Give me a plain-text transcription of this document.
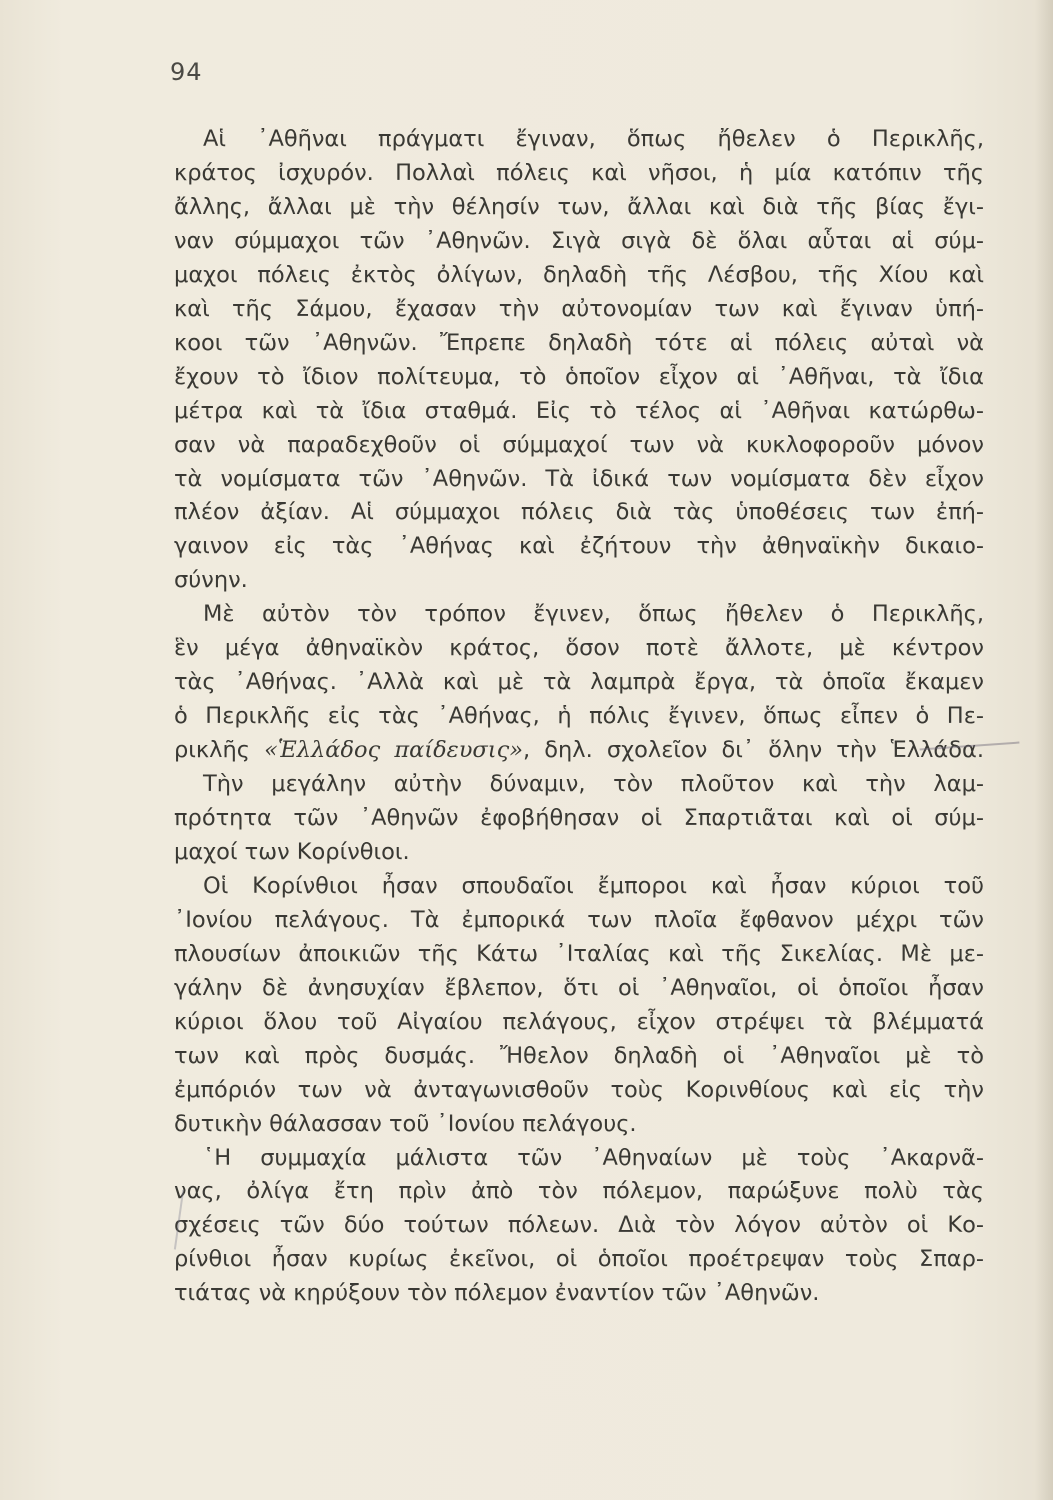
94
Αἱ ᾽Αθῆναι πράγματι ἔγιναν, ὅπως ἤθελεν ὁ Περικλῆς,
κράτος ἰσχυρόν. Πολλαὶ πόλεις καὶ νῆσοι, ἡ μία κατόπιν τῆς
ἄλλης, ἄλλαι μὲ τὴν θέλησίν των, ἄλλαι καὶ διὰ τῆς βίας ἔγι-
ναν σύμμαχοι τῶν ᾽Αθηνῶν. Σιγὰ σιγὰ δὲ ὅλαι αὗται αἱ σύμ-
μαχοι πόλεις ἐκτὸς ὀλίγων, δηλαδὴ τῆς Λέσβου, τῆς Χίου καὶ
καὶ τῆς Σάμου, ἔχασαν τὴν αὐτονομίαν των καὶ ἔγιναν ὑπή-
κοοι τῶν ᾽Αθηνῶν. Ἔπρεπε δηλαδὴ τότε αἱ πόλεις αὐταὶ νὰ
ἔχουν τὸ ἴδιον πολίτευμα, τὸ ὁποῖον εἶχον αἱ ᾽Αθῆναι, τὰ ἴδια
μέτρα καὶ τὰ ἴδια σταθμά. Εἰς τὸ τέλος αἱ ᾽Αθῆναι κατώρθω-
σαν νὰ παραδεχθοῦν οἱ σύμμαχοί των νὰ κυκλοφοροῦν μόνον
τὰ νομίσματα τῶν ᾽Αθηνῶν. Τὰ ἰδικά των νομίσματα δὲν εἶχον
πλέον ἀξίαν. Αἱ σύμμαχοι πόλεις διὰ τὰς ὑποθέσεις των ἐπή-
γαινον εἰς τὰς ᾽Αθήνας καὶ ἐζήτουν τὴν ἀθηναϊκὴν δικαιο-
σύνην.
Μὲ αὐτὸν τὸν τρόπον ἔγινεν, ὅπως ἤθελεν ὁ Περικλῆς,
ἓν μέγα ἀθηναϊκὸν κράτος, ὅσον ποτὲ ἄλλοτε, μὲ κέντρον
τὰς ᾽Αθήνας. ᾽Αλλὰ καὶ μὲ τὰ λαμπρὰ ἔργα, τὰ ὁποῖα ἔκαμεν
ὁ Περικλῆς εἰς τὰς ᾽Αθήνας, ἡ πόλις ἔγινεν, ὅπως εἶπεν ὁ Πε-
ρικλῆς «Ἑλλάδος παίδευσις», δηλ. σχολεῖον δι᾽ ὅλην τὴν Ἑλλάδα.
Τὴν μεγάλην αὐτὴν δύναμιν, τὸν πλοῦτον καὶ τὴν λαμ-
πρότητα τῶν ᾽Αθηνῶν ἐφοβήθησαν οἱ Σπαρτιᾶται καὶ οἱ σύμ-
μαχοί των Κορίνθιοι.
Οἱ Κορίνθιοι ἦσαν σπουδαῖοι ἔμποροι καὶ ἦσαν κύριοι τοῦ
᾽Ιονίου πελάγους. Τὰ ἐμπορικά των πλοῖα ἔφθανον μέχρι τῶν
πλουσίων ἀποικιῶν τῆς Κάτω ᾽Ιταλίας καὶ τῆς Σικελίας. Μὲ με-
γάλην δὲ ἀνησυχίαν ἔβλεπον, ὅτι οἱ ᾽Αθηναῖοι, οἱ ὁποῖοι ἦσαν
κύριοι ὅλου τοῦ Αἰγαίου πελάγους, εἶχον στρέψει τὰ βλέμματά
των καὶ πρὸς δυσμάς. Ἤθελον δηλαδὴ οἱ ᾽Αθηναῖοι μὲ τὸ
ἐμπόριόν των νὰ ἀνταγωνισθοῦν τοὺς Κορινθίους καὶ εἰς τὴν
δυτικὴν θάλασσαν τοῦ ᾽Ιονίου πελάγους.
῾Η συμμαχία μάλιστα τῶν ᾽Αθηναίων μὲ τοὺς ᾽Ακαρνᾶ-
νας, ὀλίγα ἔτη πρὶν ἀπὸ τὸν πόλεμον, παρώξυνε πολὺ τὰς
σχέσεις τῶν δύο τούτων πόλεων. Διὰ τὸν λόγον αὐτὸν οἱ Κο-
ρίνθιοι ἦσαν κυρίως ἐκεῖνοι, οἱ ὁποῖοι προέτρεψαν τοὺς Σπαρ-
τιάτας νὰ κηρύξουν τὸν πόλεμον ἐναντίον τῶν ᾽Αθηνῶν.
